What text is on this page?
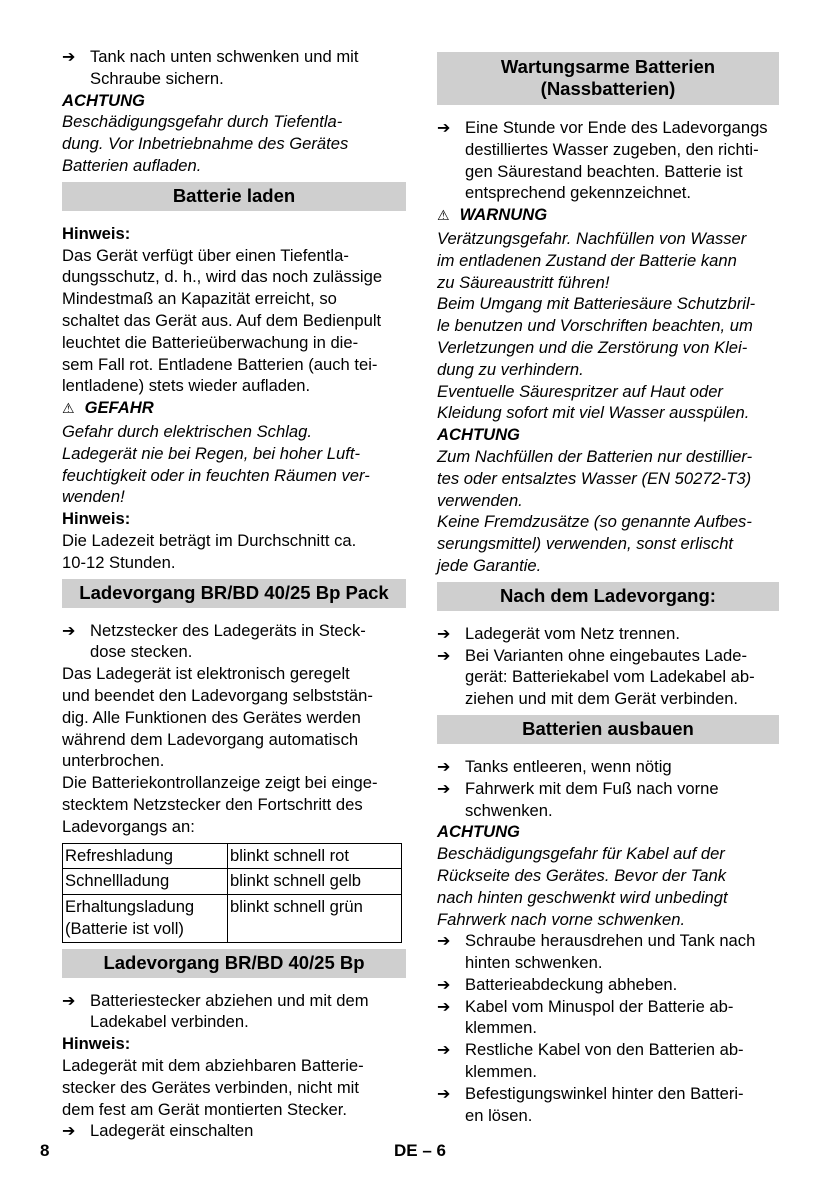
➔ Tank nach unten schwenken und mit
Schraube sichern.
ACHTUNG
Beschädigungsgefahr durch Tiefentla-
dung. Vor Inbetriebnahme des Gerätes
Batterien aufladen.
Batterie laden
Hinweis:
Das Gerät verfügt über einen Tiefentla-
dungsschutz, d. h., wird das noch zulässige
Mindestmaß an Kapazität erreicht, so
schaltet das Gerät aus. Auf dem Bedienpult
leuchtet die Batterieüberwachung in die-
sem Fall rot. Entladene Batterien (auch tei-
lentladene) stets wieder aufladen.
⚠ GEFAHR
Gefahr durch elektrischen Schlag.
Ladegerät nie bei Regen, bei hoher Luft-
feuchtigkeit oder in feuchten Räumen ver-
wenden!
Hinweis:
Die Ladezeit beträgt im Durchschnitt ca.
10-12 Stunden.
Ladevorgang BR/BD 40/25 Bp Pack
➔ Netzstecker des Ladegeräts in Steck-
dose stecken.
Das Ladegerät ist elektronisch geregelt
und beendet den Ladevorgang selbststän-
dig. Alle Funktionen des Gerätes werden
während dem Ladevorgang automatisch
unterbrochen.
Die Batteriekontrollanzeige zeigt bei einge-
stecktem Netzstecker den Fortschritt des
Ladevorgangs an:
Refreshladung	blinkt schnell rot
Schnellladung	blinkt schnell gelb

Erhaltungsladung
(Batterie ist voll)	blinkt schnell grün
Ladevorgang BR/BD 40/25 Bp
➔ Batteriestecker abziehen und mit dem
Ladekabel verbinden.
Hinweis:
Ladegerät mit dem abziehbaren Batterie-
stecker des Gerätes verbinden, nicht mit
dem fest am Gerät montierten Stecker.
➔ Ladegerät einschalten
Wartungsarme Batterien
(Nassbatterien)
➔ Eine Stunde vor Ende des Ladevorgangs
destilliertes Wasser zugeben, den richti-
gen Säurestand beachten. Batterie ist
entsprechend gekennzeichnet.
⚠ WARNUNG
Verätzungsgefahr. Nachfüllen von Wasser
im entladenen Zustand der Batterie kann
zu Säureaustritt führen!
Beim Umgang mit Batteriesäure Schutzbril-
le benutzen und Vorschriften beachten, um
Verletzungen und die Zerstörung von Klei-
dung zu verhindern.
Eventuelle Säurespritzer auf Haut oder
Kleidung sofort mit viel Wasser ausspülen.
ACHTUNG
Zum Nachfüllen der Batterien nur destillier-
tes oder entsalztes Wasser (EN 50272-T3)
verwenden.
Keine Fremdzusätze (so genannte Aufbes-
serungsmittel) verwenden, sonst erlischt
jede Garantie.
Nach dem Ladevorgang:
➔ Ladegerät vom Netz trennen.
➔ Bei Varianten ohne eingebautes Lade-
gerät: Batteriekabel vom Ladekabel ab-
ziehen und mit dem Gerät verbinden.
Batterien ausbauen
➔ Tanks entleeren, wenn nötig
➔ Fahrwerk mit dem Fuß nach vorne
schwenken.
ACHTUNG
Beschädigungsgefahr für Kabel auf der
Rückseite des Gerätes. Bevor der Tank
nach hinten geschwenkt wird unbedingt
Fahrwerk nach vorne schwenken.
➔ Schraube herausdrehen und Tank nach
hinten schwenken.
➔ Batterieabdeckung abheben.
➔ Kabel vom Minuspol der Batterie ab-
klemmen.
➔ Restliche Kabel von den Batterien ab-
klemmen.
➔ Befestigungswinkel hinter den Batteri-
en lösen.
8	DE – 6
